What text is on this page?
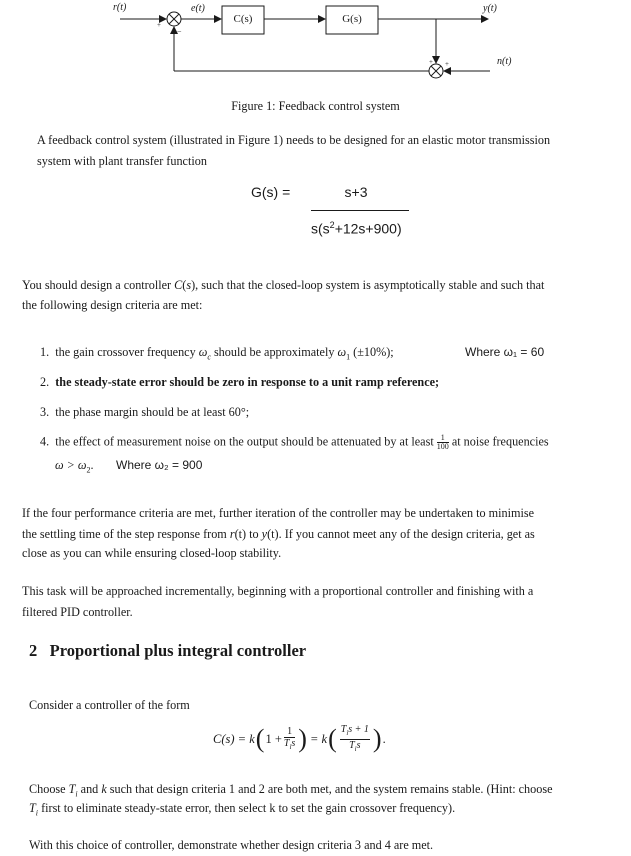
r(t)	e(t)	y(t)
n(t)
C(s)	G(s)
+
−
+ +
Figure 1: Feedback control system
A feedback control system (illustrated in Figure 1) needs to be designed for an elastic motor transmission
system with plant transfer function
G(s) =	s+3
$s(s^2+12s+900)$
You should design a controller C(s), such that the closed-loop system is asymptotically stable and such that
the following design criteria are met:
1. the gain crossover frequency $\omega_c$ should be approximately $\omega_1$ (±10%);	Where ω₁ = 60
2. the steady-state error should be zero in response to a unit ramp reference;
3. the phase margin should be at least 60°;
4. the effect of measurement noise on the output should be attenuated by at least $\frac{1}{100}$ at noise frequencies
$\omega > \omega_2$. Where ω₂ = 900
If the four performance criteria are met, further iteration of the controller may be undertaken to minimise
the settling time of the step response from r(t) to y(t). If you cannot meet any of the design criteria, get as
close as you can while ensuring closed-loop stability.
This task will be approached incrementally, beginning with a proportional controller and finishing with a
filtered PID controller.
2 Proportional plus integral controller
Consider a controller of the form
C(s) = k ( $1 + \frac{1}{T_is}$ ) = k ( $\frac{T_is + 1}{T_is}$ ) .
Choose $T_i$ and k such that design criteria 1 and 2 are both met, and the system remains stable. (Hint: choose
$T_i$ first to eliminate steady-state error, then select k to set the gain crossover frequency).
With this choice of controller, demonstrate whether design criteria 3 and 4 are met.
